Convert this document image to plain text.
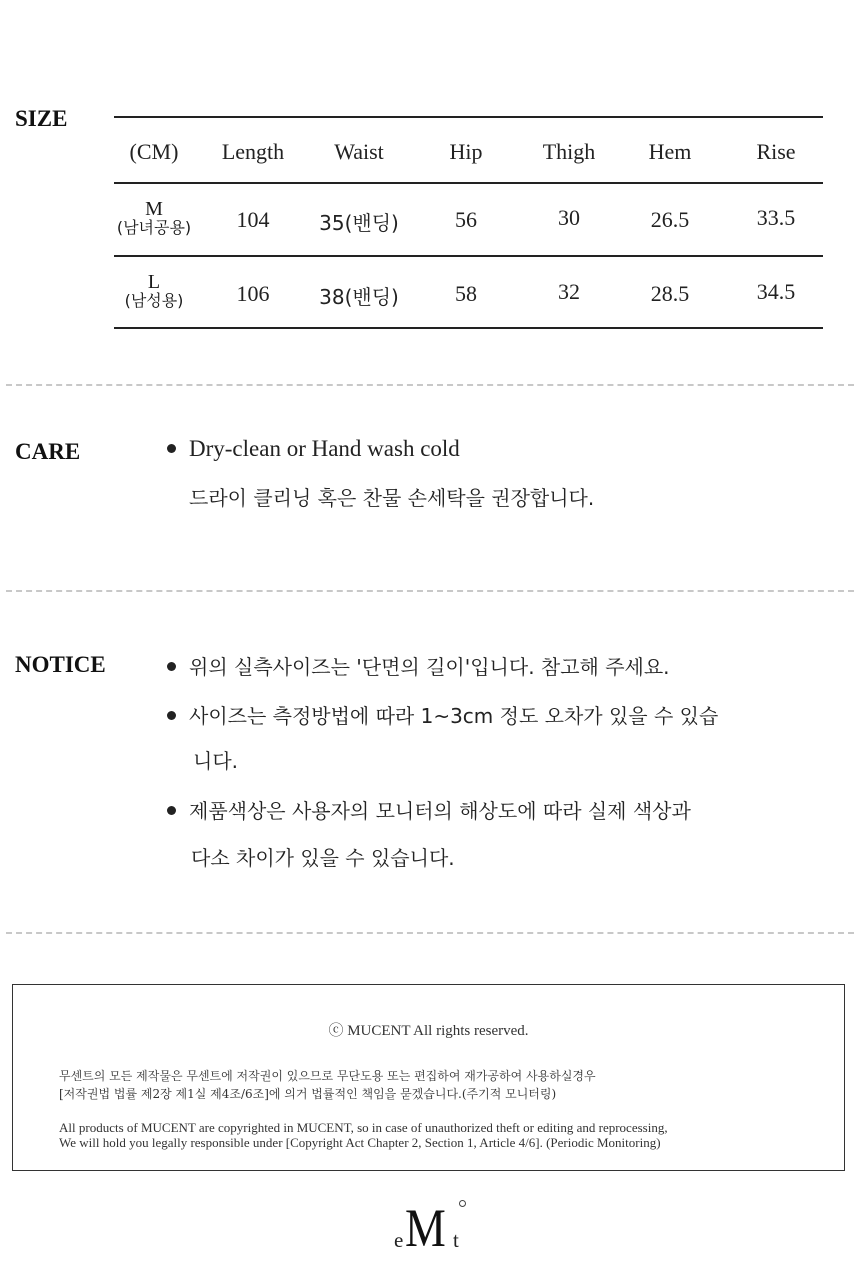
SIZE
(CM) Length Waist	Hip	Thigh Hem	Rise
M
(남녀공용) 104 35(밴딩)	56	30	26.5	33.5
L
(남성용) 106 38(밴딩)	58	32	28.5	34.5
CARE	Dry-clean or Hand wash cold
드라이 클리닝 혹은 찬물 손세탁을 권장합니다.
NOTICE	위의 실측사이즈는 '단면의 길이'입니다. 참고해 주세요.
사이즈는 측정방법에 따라 1~3cm 정도 오차가 있을 수 있습
니다.
제품색상은 사용자의 모니터의 해상도에 따라 실제 색상과
다소 차이가 있을 수 있습니다.
ⓒ MUCENT All rights reserved.
무센트의 모든 제작물은 무센트에 저작권이 있으므로 무단도용 또는 편집하여 재가공하여 사용하실경우
[저작권법 법률 제2장 제1실 제4조/6조]에 의거 법률적인 책임을 묻겠습니다.(주기적 모니터링)
All products of MUCENT are copyrighted in MUCENT, so in case of unauthorized theft or editing and reprocessing,
We will hold you legally responsible under [Copyright Act Chapter 2, Section 1, Article 4/6]. (Periodic Monitoring)
e M t
